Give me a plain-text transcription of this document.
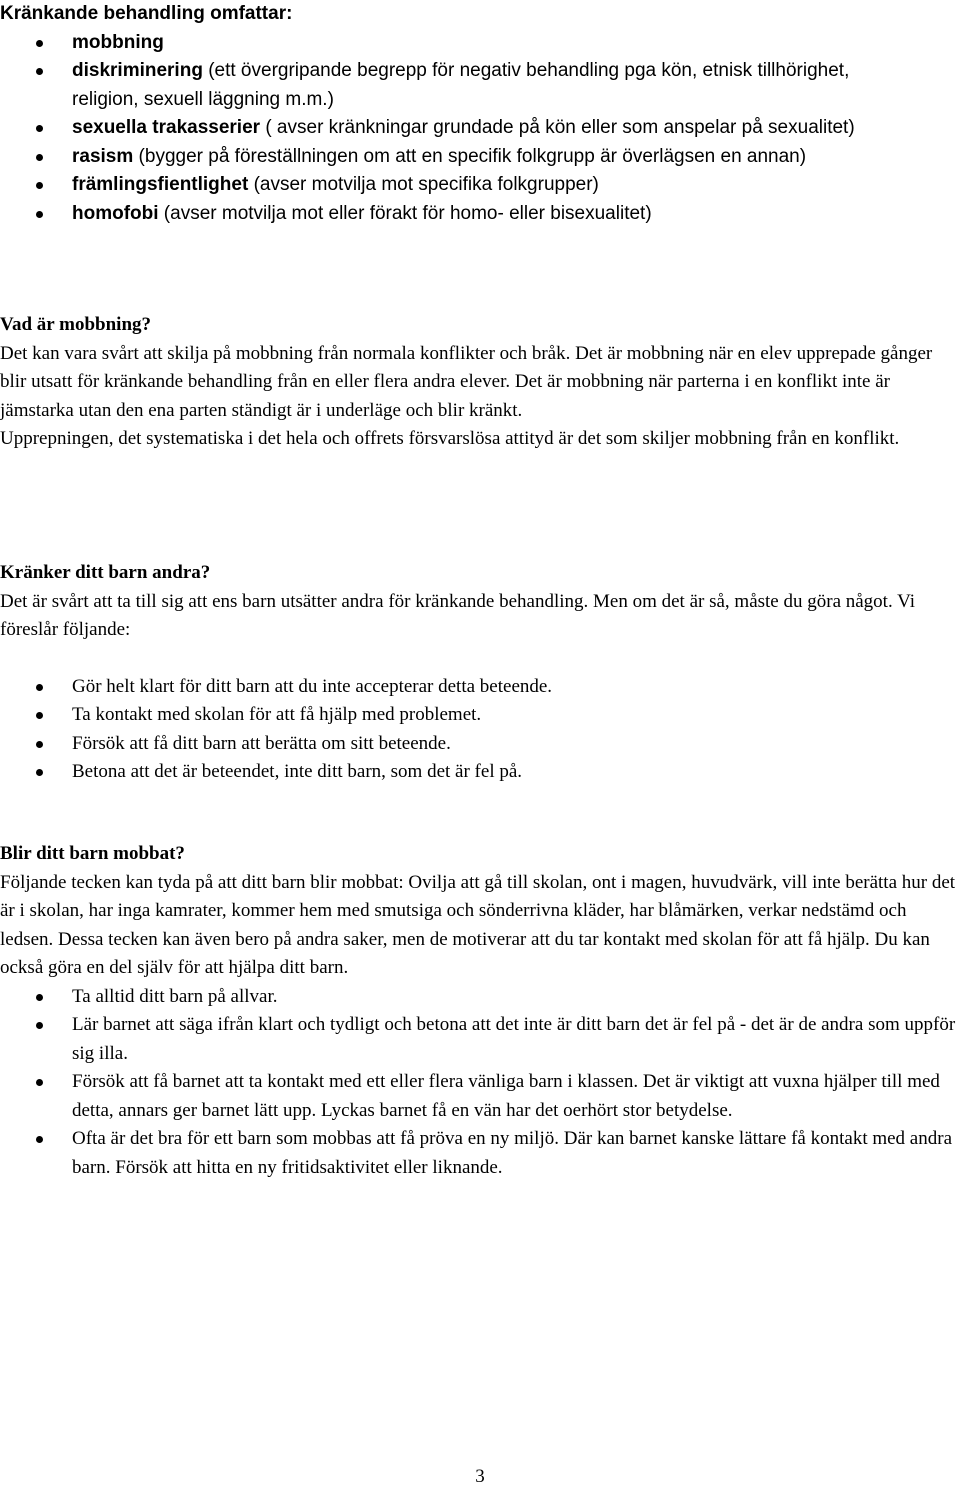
Kränkande behandling omfattar:

mobbning
diskriminering (ett övergripande begrepp för negativ behandling pga kön, etnisk tillhörighet, religion, sexuell läggning m.m.)
sexuella trakasserier ( avser kränkningar grundade på kön eller som anspelar på sexualitet)
rasism (bygger på föreställningen om att en specifik folkgrupp är överlägsen en annan)
främlingsfientlighet (avser motvilja mot specifika folkgrupper)
homofobi (avser motvilja mot eller förakt för homo- eller bisexualitet)

Vad är mobbning?

Det kan vara svårt att skilja på mobbning från normala konflikter och bråk. Det är mobbning när en elev upprepade gånger blir utsatt för kränkande behandling från en eller flera andra elever. Det är mobbning när parterna i en konflikt inte är jämstarka utan den ena parten ständigt är i underläge och blir kränkt.

Upprepningen, det systematiska i det hela och offrets försvarslösa attityd är det som skiljer mobbning från en konflikt.

Kränker ditt barn andra?

Det är svårt att ta till sig att ens barn utsätter andra för kränkande behandling. Men om det är så, måste du göra något. Vi föreslår följande:

Gör helt klart för ditt barn att du inte accepterar detta beteende.
Ta kontakt med skolan för att få hjälp med problemet.
Försök att få ditt barn att berätta om sitt beteende.
Betona att det är beteendet, inte ditt barn, som det är fel på.

Blir ditt barn mobbat?

Följande tecken kan tyda på att ditt barn blir mobbat: Ovilja att gå till skolan, ont i magen, huvudvärk, vill inte berätta hur det är i skolan, har inga kamrater, kommer hem med smutsiga och sönderrivna kläder, har blåmärken, verkar nedstämd och ledsen. Dessa tecken kan även bero på andra saker, men de motiverar att du tar kontakt med skolan för att få hjälp. Du kan också göra en del själv för att hjälpa ditt barn.

Ta alltid ditt barn på allvar.
Lär barnet att säga ifrån klart och tydligt och betona att det inte är ditt barn det är fel på - det är de andra som uppför sig illa.
Försök att få barnet att ta kontakt med ett eller flera vänliga barn i klassen. Det är viktigt att vuxna hjälper till med detta, annars ger barnet lätt upp. Lyckas barnet få en vän har det oerhört stor betydelse.
Ofta är det bra för ett barn som mobbas att få pröva en ny miljö. Där kan barnet kanske lättare få kontakt med andra barn. Försök att hitta en ny fritidsaktivitet eller liknande.
3
